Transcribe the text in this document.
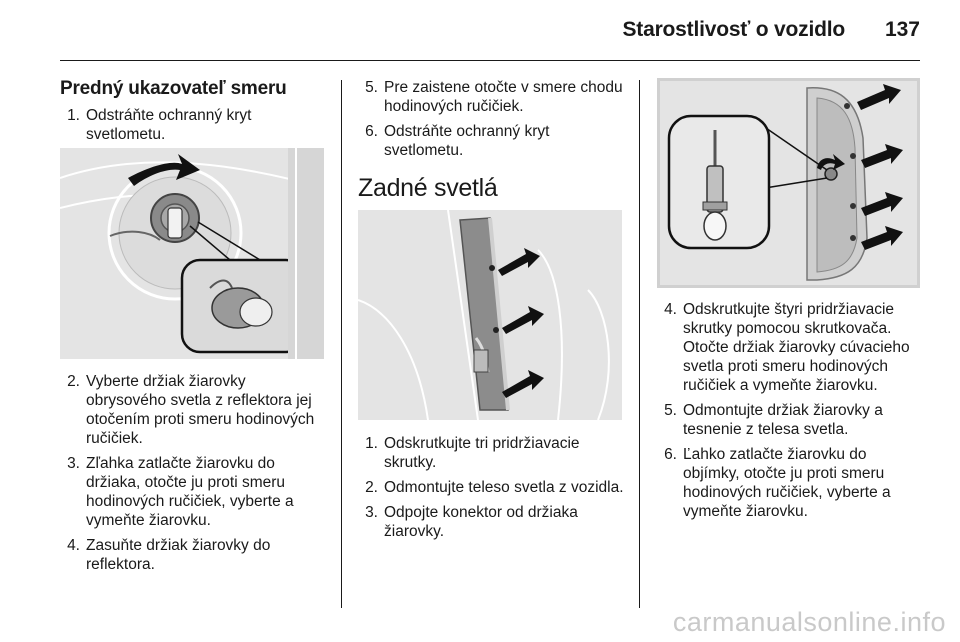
Starostlivosť o vozidlo	137
Predný ukazovateľ smeru
1. Odstráňte ochranný kryt svetlometu.
2. Vyberte držiak žiarovky obrysového svetla z reflektora jej otočením proti smeru hodinových ručičiek.
3. Zľahka zatlačte žiarovku do držiaka, otočte ju proti smeru hodinových ručičiek, vyberte a vymeňte žiarovku.
4. Zasuňte držiak žiarovky do reflektora.
5. Pre zaistene otočte v smere chodu hodinových ručičiek.
6. Odstráňte ochranný kryt svetlometu.
Zadné svetlá
1. Odskrutkujte tri pridržiavacie skrutky.
2. Odmontujte teleso svetla z vozidla.
3. Odpojte konektor od držiaka žiarovky.
4. Odskrutkujte štyri pridržiavacie skrutky pomocou skrutkovača. Otočte držiak žiarovky cúvacieho svetla proti smeru hodinových ručičiek a vymeňte žiarovku.
5. Odmontujte držiak žiarovky a tesnenie z telesa svetla.
6. Ľahko zatlačte žiarovku do objímky, otočte ju proti smeru hodinových ručičiek, vyberte a vymeňte žiarovku.
carmanualsonline.info
